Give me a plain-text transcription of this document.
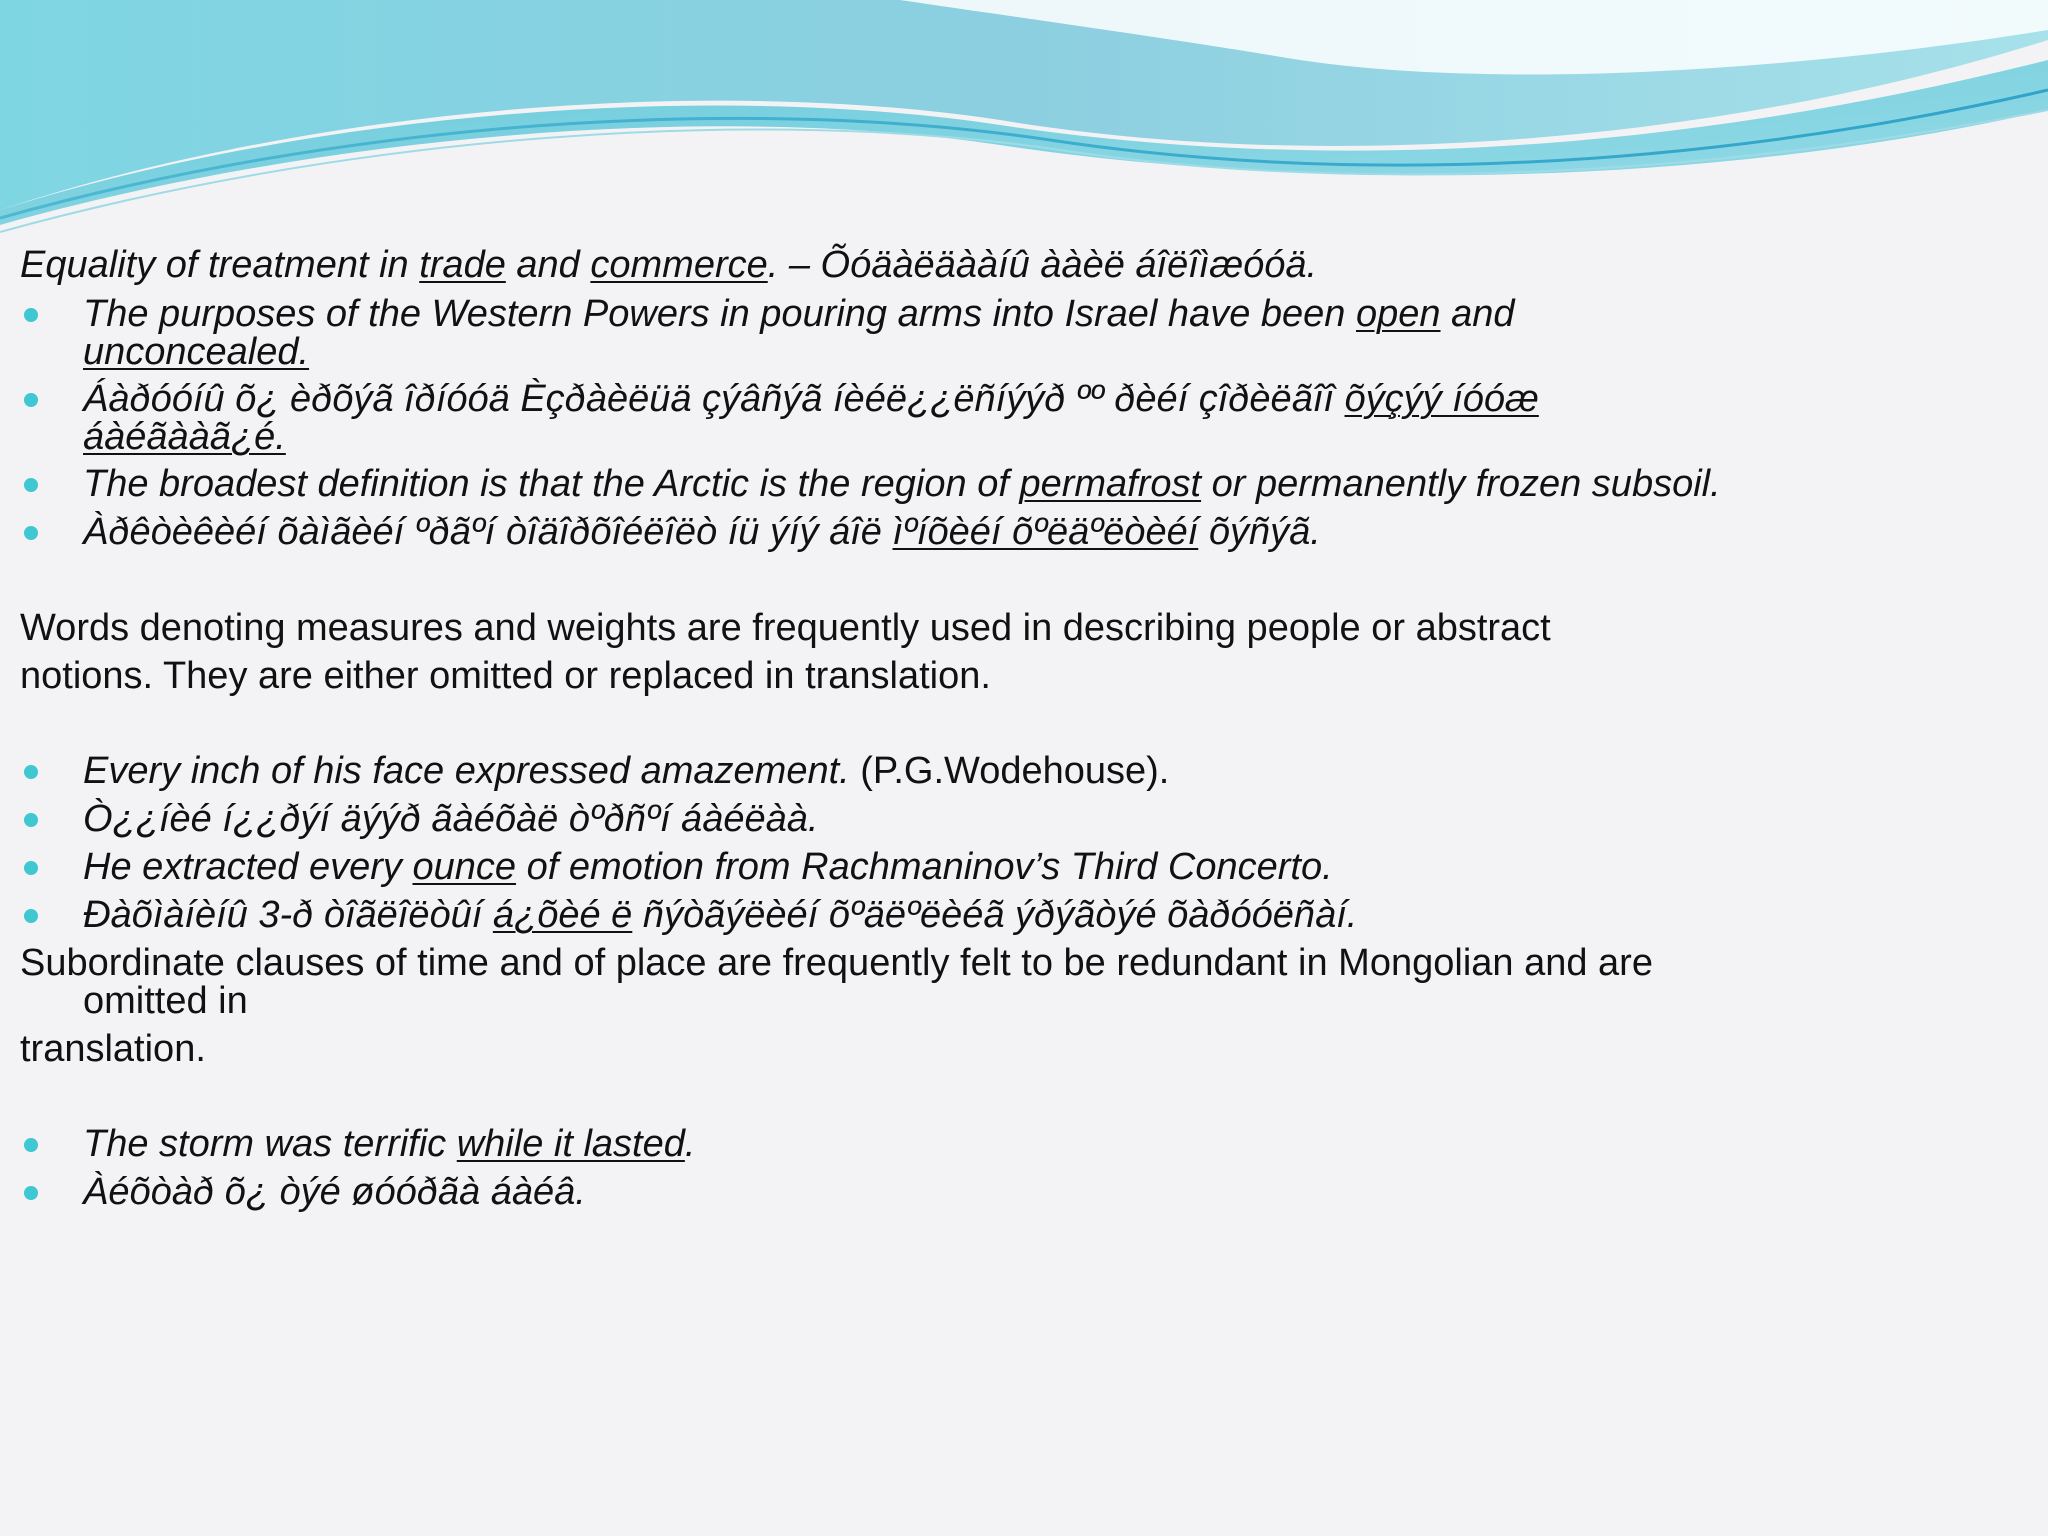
Equality of treatment in trade and commerce. – Õóäàëäààíû ààèë áîëîìæóóä.
The purposes of the Western Powers in pouring arms into Israel have been open and
unconcealed.
Áàðóóíû õ¿ èðõýã îðíóóä Èçðàèëüä çýâñýã íèéë¿¿ëñíýýð ºº ðèéí çîðèëãîî õýçýý íóóæ
áàéãààã¿é.
The broadest definition is that the Arctic is the region of permafrost or permanently frozen subsoil.
Àðêòèêèéí õàìãèéí ºðãºí òîäîðõîéëîëò íü ýíý áîë ìºíõèéí õºëäºëòèéí õýñýã.
Words denoting measures and weights are frequently used in describing people or abstract
notions. They are either omitted or replaced in translation.
Every inch of his face expressed amazement. (P.G.Wodehouse).
Ò¿¿íèé í¿¿ðýí äýýð ãàéõàë òºðñºí áàéëàà.
He extracted every ounce of emotion from Rachmaninov’s Third Concerto.
Ðàõìàíèíû 3-ð òîãëîëòûí á¿õèé ë ñýòãýëèéí õºäëºëèéã ýðýãòýé õàðóóëñàí.
Subordinate clauses of time and of place are frequently felt to be redundant in Mongolian and are
omitted in
translation.
The storm was terrific while it lasted.
Àéõòàð õ¿ òýé øóóðãà áàéâ.
